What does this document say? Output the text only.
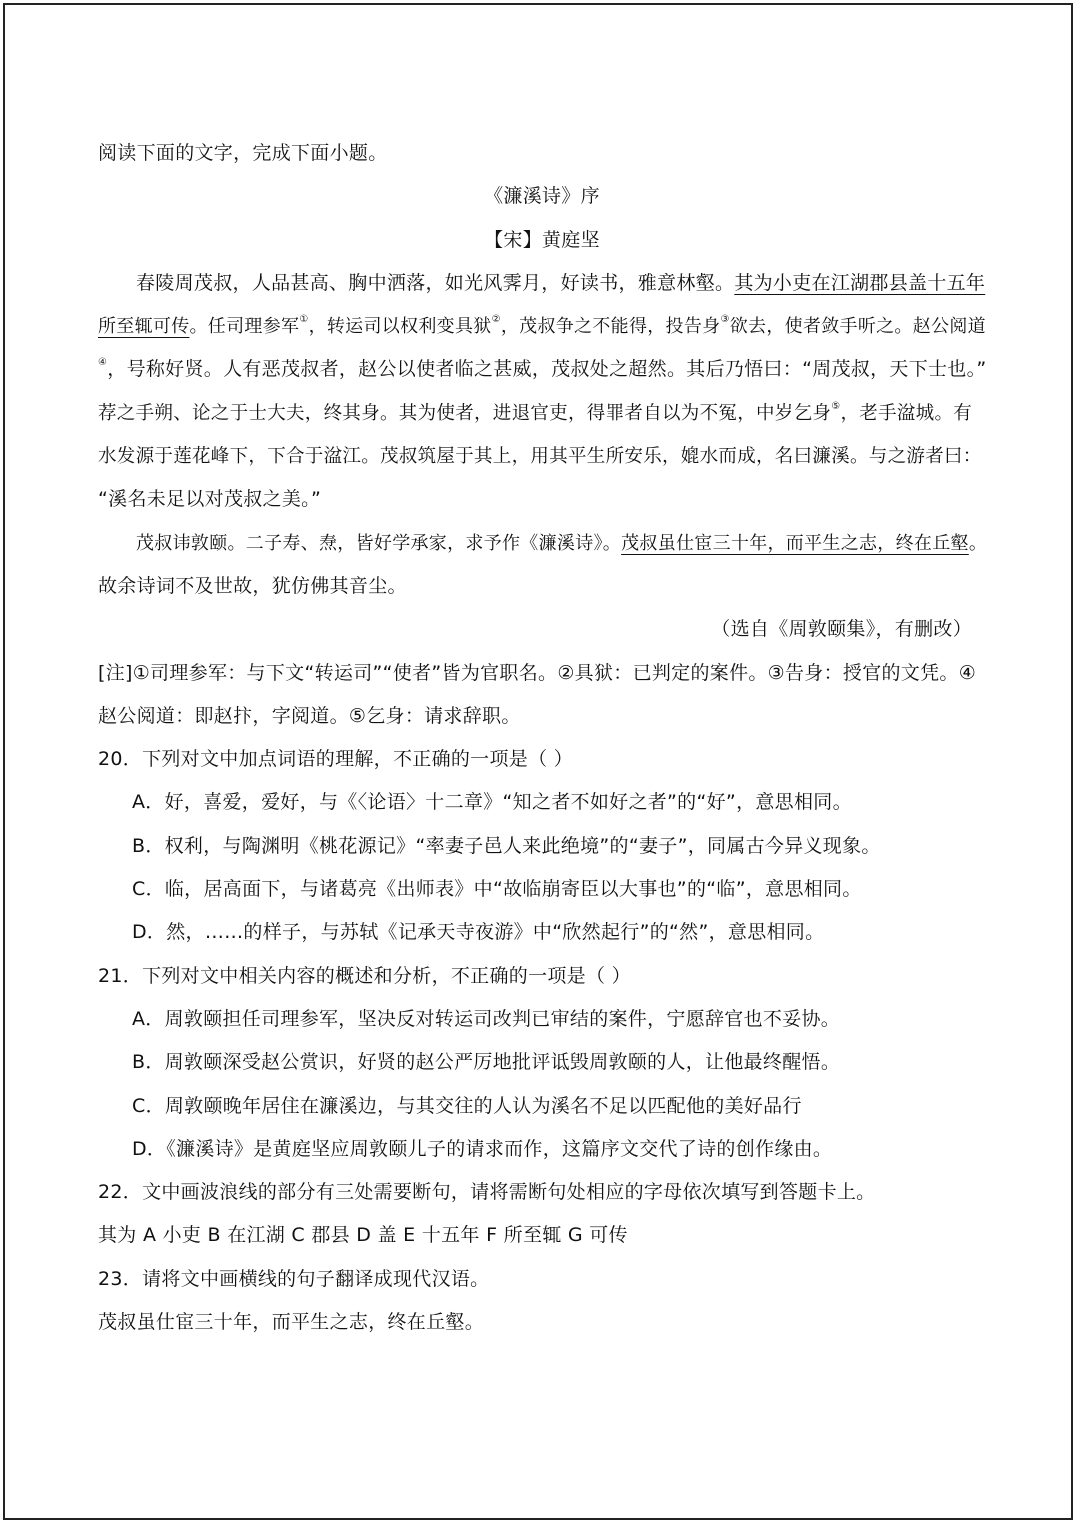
阅读下面的文字，完成下面小题。
《濂溪诗》序
【宋】黄庭坚
春陵周茂叔，人品甚高、胸中洒落，如光风霁月，好读书，雅意林壑。其为小吏在江湖郡县盖十五年
所至辄可传。任司理参军①，转运司以权利变具狱②，茂叔争之不能得，投告身③欲去，使者敛手听之。赵公阅道
④，号称好贤。人有恶茂叔者，赵公以使者临之甚威，茂叔处之超然。其后乃悟曰：“周茂叔，天下士也。”
荐之手朔、论之于士大夫，终其身。其为使者，进退官吏，得罪者自以为不冤，中岁乞身⑤，老手湓城。有
水发源于莲花峰下，下合于湓江。茂叔筑屋于其上，用其平生所安乐，媲水而成，名曰濂溪。与之游者曰：
“溪名未足以对茂叔之美。”
茂叔讳敦颐。二子寿、焘，皆好学承家，求予作《濂溪诗》。茂叔虽仕宦三十年，而平生之志，终在丘壑。
故余诗词不及世故，犹仿佛其音尘。
（选自《周敦颐集》，有删改）
[注]①司理参军：与下文“转运司”“使者”皆为官职名。②具狱：已判定的案件。③告身：授官的文凭。④
赵公阅道：即赵抃，字阅道。⑤乞身：请求辞职。
20．下列对文中加点词语的理解，不正确的一项是（ ）
A．好，喜爱，爱好，与《〈论语〉十二章》“知之者不如好之者”的“好”，意思相同。
B．权利，与陶渊明《桃花源记》“率妻子邑人来此绝境”的“妻子”，同属古今异义现象。
C．临，居高面下，与诸葛亮《出师表》中“故临崩寄臣以大事也”的“临”，意思相同。
D．然，……的样子，与苏轼《记承天寺夜游》中“欣然起行”的“然”，意思相同。
21．下列对文中相关内容的概述和分析，不正确的一项是（ ）
A．周敦颐担任司理参军，坚决反对转运司改判已审结的案件，宁愿辞官也不妥协。
B．周敦颐深受赵公赏识，好贤的赵公严厉地批评诋毁周敦颐的人，让他最终醒悟。
C．周敦颐晚年居住在濂溪边，与其交往的人认为溪名不足以匹配他的美好品行
D．《濂溪诗》是黄庭坚应周敦颐儿子的请求而作，这篇序文交代了诗的创作缘由。
22．文中画波浪线的部分有三处需要断句，请将需断句处相应的字母依次填写到答题卡上。
其为 A 小吏 B 在江湖 C 郡县 D 盖 E 十五年 F 所至辄 G 可传
23．请将文中画横线的句子翻译成现代汉语。
茂叔虽仕宦三十年，而平生之志，终在丘壑。
